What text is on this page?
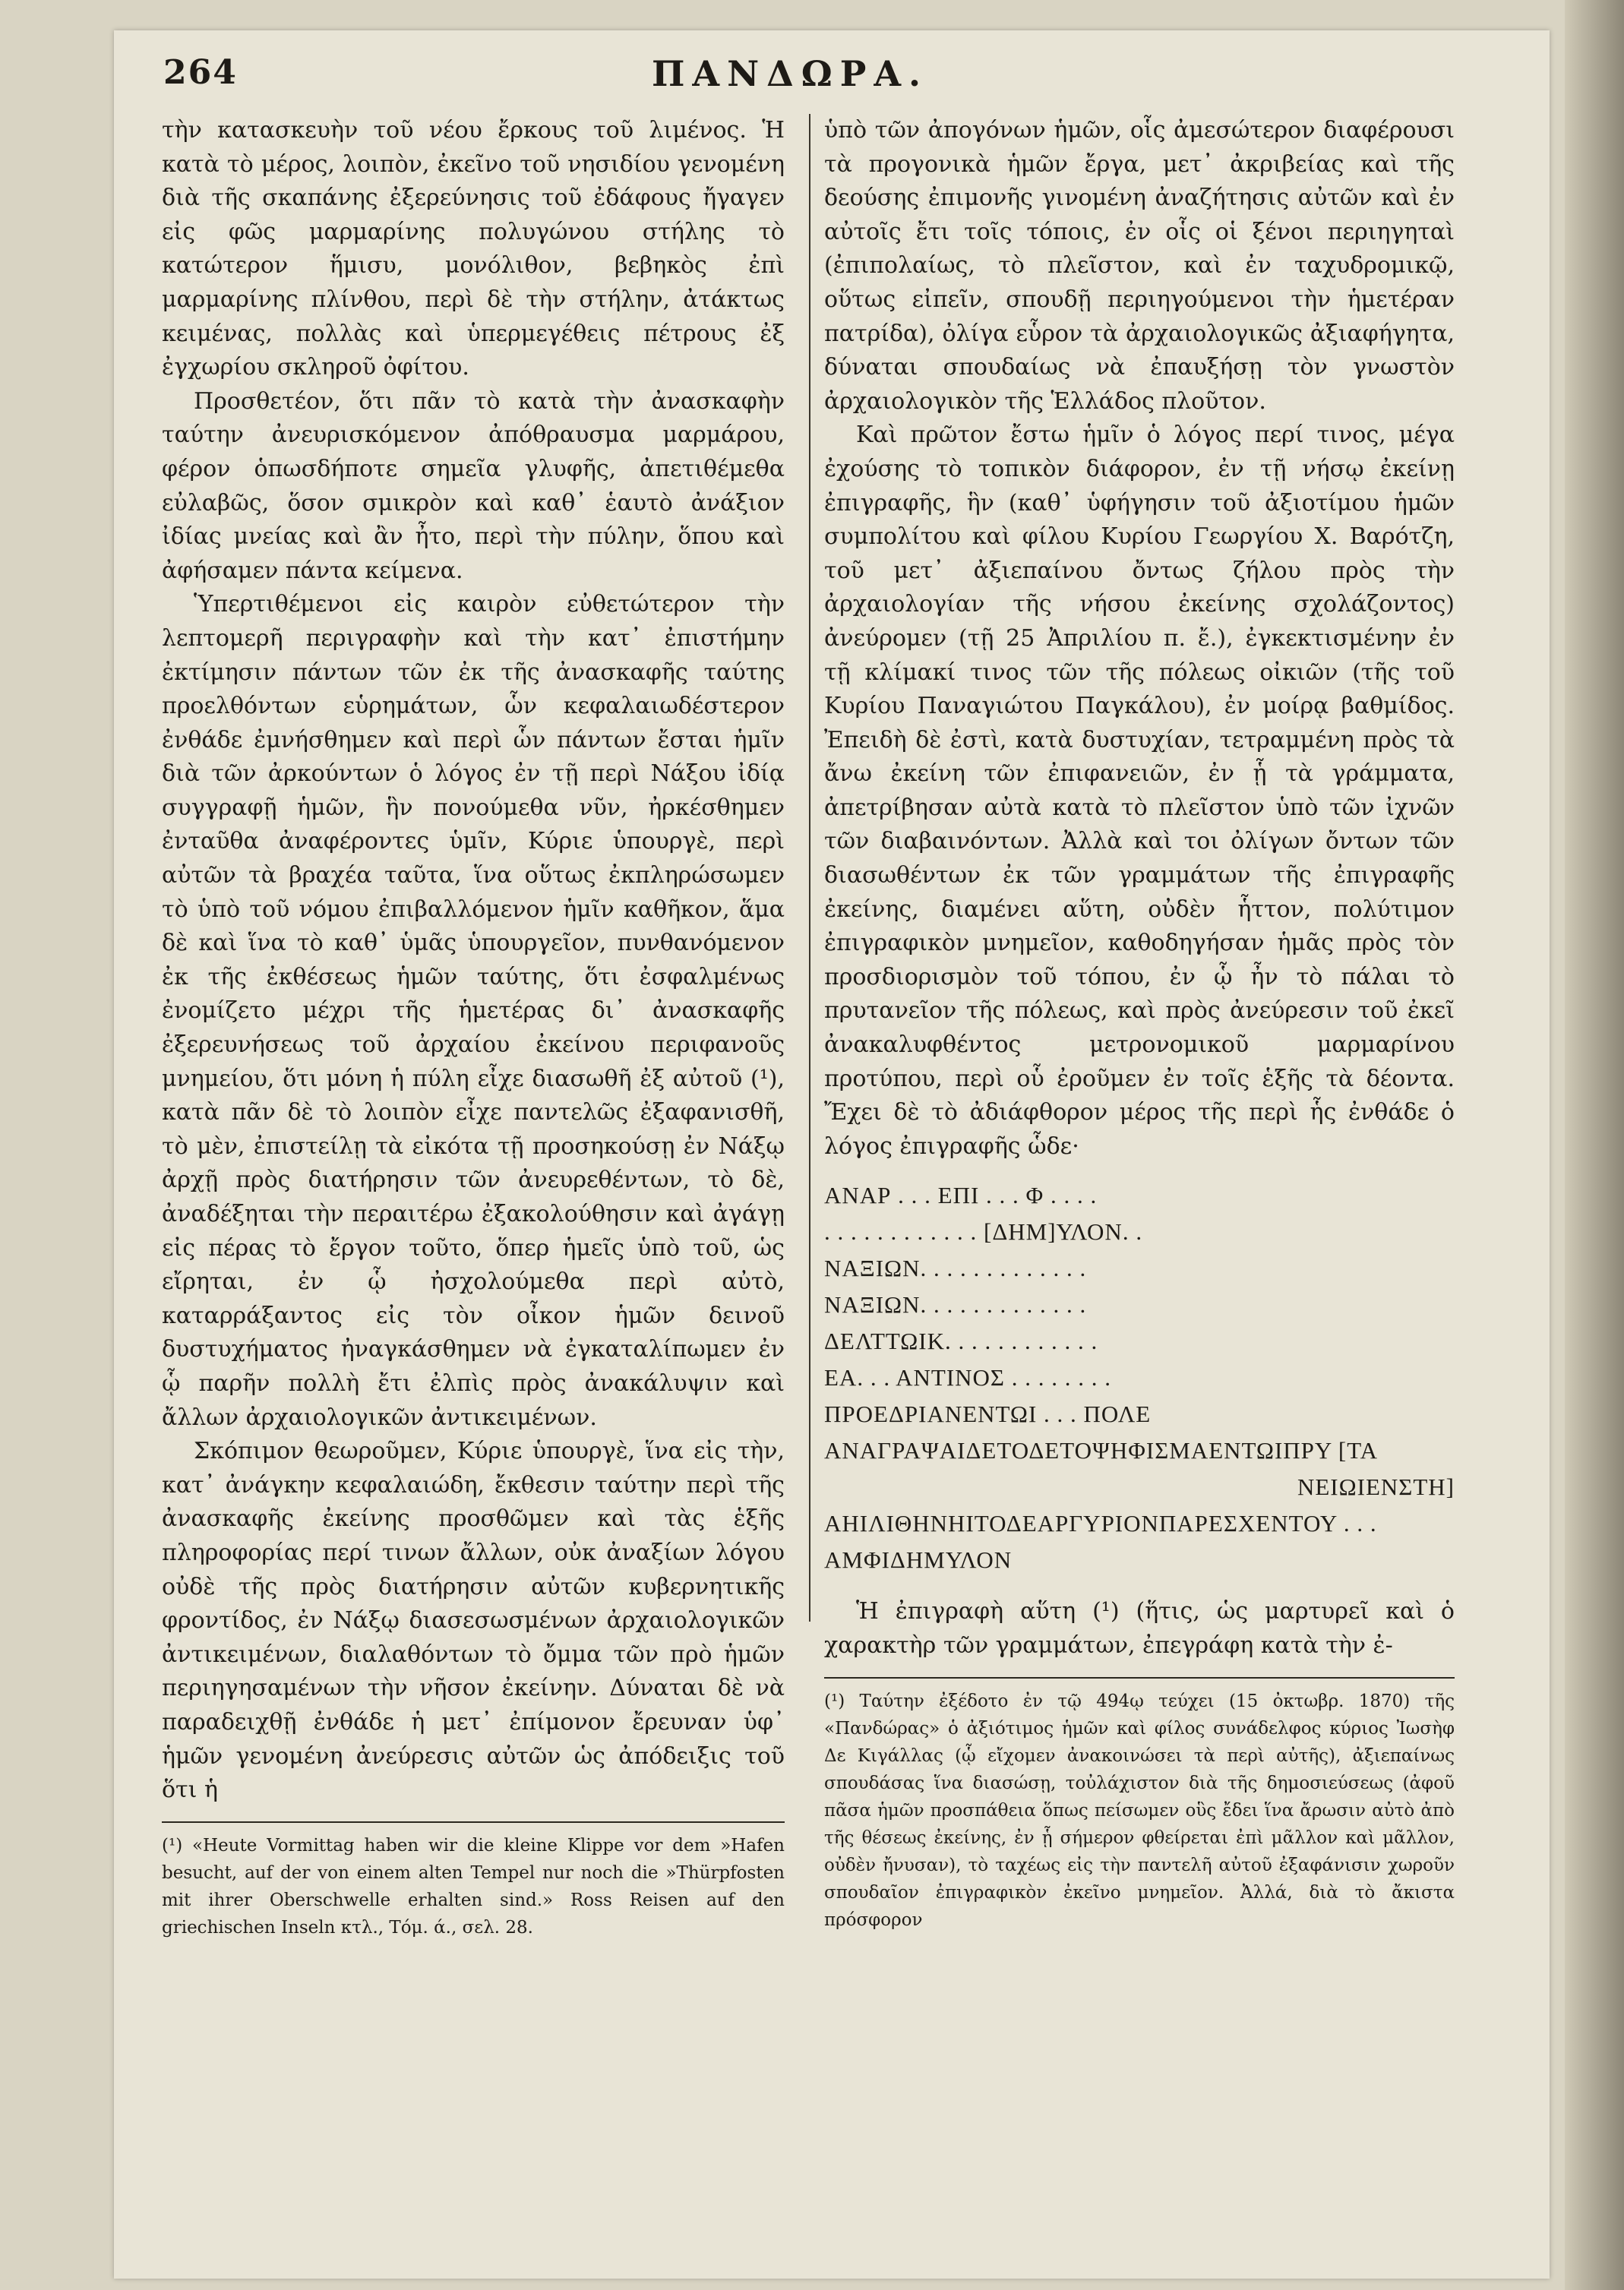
264	ΠΑΝΔΩΡΑ.

τὴν κατασκευὴν τοῦ νέου ἔρκους τοῦ λιμένος. Ἡ κατὰ τὸ μέρος, λοιπὸν, ἐκεῖνο τοῦ νησιδίου γενομένη διὰ τῆς σκαπάνης ἐξερεύνησις τοῦ ἐδάφους ἤγαγεν εἰς φῶς μαρμαρίνης πολυγώνου στήλης τὸ κατώτερον ἥμισυ, μονόλιθον, βεβηκὸς ἐπὶ μαρμαρίνης πλίνθου, περὶ δὲ τὴν στήλην, ἀτάκτως κειμένας, πολλὰς καὶ ὑπερμεγέθεις πέτρους ἐξ ἐγχωρίου σκληροῦ ὀφίτου.

Προσθετέον, ὅτι πᾶν τὸ κατὰ τὴν ἀνασκαφὴν ταύτην ἀνευρισκόμενον ἀπόθραυσμα μαρμάρου, φέρον ὁπωσδήποτε σημεῖα γλυφῆς, ἀπετιθέμεθα εὐλαβῶς, ὅσον σμικρὸν καὶ καθ᾽ ἑαυτὸ ἀνάξιον ἰδίας μνείας καὶ ἂν ἦτο, περὶ τὴν πύλην, ὅπου καὶ ἀφήσαμεν πάντα κείμενα.

Ὑπερτιθέμενοι εἰς καιρὸν εὐθετώτερον τὴν λεπτομερῆ περιγραφὴν καὶ τὴν κατ᾽ ἐπιστήμην ἐκτίμησιν πάντων τῶν ἐκ τῆς ἀνασκαφῆς ταύτης προελθόντων εὑρημάτων, ὧν κεφαλαιωδέστερον ἐνθάδε ἐμνήσθημεν καὶ περὶ ὧν πάντων ἔσται ἡμῖν διὰ τῶν ἀρκούντων ὁ λόγος ἐν τῇ περὶ Νάξου ἰδίᾳ συγγραφῇ ἡμῶν, ἣν πονούμεθα νῦν, ἠρκέσθημεν ἐνταῦθα ἀναφέροντες ὑμῖν, Κύριε ὑπουργὲ, περὶ αὐτῶν τὰ βραχέα ταῦτα, ἵνα οὕτως ἐκπληρώσωμεν τὸ ὑπὸ τοῦ νόμου ἐπιβαλλόμενον ἡμῖν καθῆκον, ἅμα δὲ καὶ ἵνα τὸ καθ᾽ ὑμᾶς ὑπουργεῖον, πυνθανόμενον ἐκ τῆς ἐκθέσεως ἡμῶν ταύτης, ὅτι ἐσφαλμένως ἐνομίζετο μέχρι τῆς ἡμετέρας δι᾽ ἀνασκαφῆς ἐξερευνήσεως τοῦ ἀρχαίου ἐκείνου περιφανοῦς μνημείου, ὅτι μόνη ἡ πύλη εἶχε διασωθῆ ἐξ αὐτοῦ (¹), κατὰ πᾶν δὲ τὸ λοιπὸν εἶχε παντελῶς ἐξαφανισθῆ, τὸ μὲν, ἐπιστείλῃ τὰ εἰκότα τῇ προσηκούσῃ ἐν Νάξῳ ἀρχῇ πρὸς διατήρησιν τῶν ἀνευρεθέντων, τὸ δὲ, ἀναδέξηται τὴν περαιτέρω ἐξακολούθησιν καὶ ἀγάγῃ εἰς πέρας τὸ ἔργον τοῦτο, ὅπερ ἡμεῖς ὑπὸ τοῦ, ὡς εἴρηται, ἐν ᾧ ἠσχολούμεθα περὶ αὐτὸ, καταρράξαντος εἰς τὸν οἶκον ἡμῶν δεινοῦ δυστυχήματος ἠναγκάσθημεν νὰ ἐγκαταλίπωμεν ἐν ᾧ παρῆν πολλὴ ἔτι ἐλπὶς πρὸς ἀνακάλυψιν καὶ ἄλλων ἀρχαιολογικῶν ἀντικειμένων.

Σκόπιμον θεωροῦμεν, Κύριε ὑπουργὲ, ἵνα εἰς τὴν, κατ᾽ ἀνάγκην κεφαλαιώδη, ἔκθεσιν ταύτην περὶ τῆς ἀνασκαφῆς ἐκείνης προσθῶμεν καὶ τὰς ἑξῆς πληροφορίας περί τινων ἄλλων, οὐκ ἀναξίων λόγου οὐδὲ τῆς πρὸς διατήρησιν αὐτῶν κυβερνητικῆς φροντίδος, ἐν Νάξῳ διασεσωσμένων ἀρχαιολογικῶν ἀντικειμένων, διαλαθόντων τὸ ὄμμα τῶν πρὸ ἡμῶν περιηγησαμένων τὴν νῆσον ἐκείνην. Δύναται δὲ νὰ παραδειχθῇ ἐνθάδε ἡ μετ᾽ ἐπίμονον ἔρευναν ὑφ᾽ ἡμῶν γενομένη ἀνεύρεσις αὐτῶν ὡς ἀπόδειξις τοῦ ὅτι ἡ

(¹) «Heute Vormittag haben wir die kleine Klippe vor dem »Hafen besucht, auf der von einem alten Tempel nur noch die »Thürpfosten mit ihrer Oberschwelle erhalten sind.» Ross Reisen auf den griechischen Inseln κτλ., Τόμ. ά., σελ. 28.

ὑπὸ τῶν ἀπογόνων ἡμῶν, οἷς ἀμεσώτερον διαφέρουσι τὰ προγονικὰ ἡμῶν ἔργα, μετ᾽ ἀκριβείας καὶ τῆς δεούσης ἐπιμονῆς γινομένη ἀναζήτησις αὐτῶν καὶ ἐν αὐτοῖς ἔτι τοῖς τόποις, ἐν οἷς οἱ ξένοι περιηγηταὶ (ἐπιπολαίως, τὸ πλεῖστον, καὶ ἐν ταχυδρομικῷ, οὕτως εἰπεῖν, σπουδῇ περιηγούμενοι τὴν ἡμετέραν πατρίδα), ὀλίγα εὗρον τὰ ἀρχαιολογικῶς ἀξιαφήγητα, δύναται σπουδαίως νὰ ἐπαυξήσῃ τὸν γνωστὸν ἀρχαιολογικὸν τῆς Ἑλλάδος πλοῦτον.

Καὶ πρῶτον ἔστω ἡμῖν ὁ λόγος περί τινος, μέγα ἐχούσης τὸ τοπικὸν διάφορον, ἐν τῇ νήσῳ ἐκείνῃ ἐπιγραφῆς, ἣν (καθ᾽ ὑφήγησιν τοῦ ἀξιοτίμου ἡμῶν συμπολίτου καὶ φίλου Κυρίου Γεωργίου Χ. Βαρότζη, τοῦ μετ᾽ ἀξιεπαίνου ὄντως ζήλου πρὸς τὴν ἀρχαιολογίαν τῆς νήσου ἐκείνης σχολάζοντος) ἀνεύρομεν (τῇ 25 Ἀπριλίου π. ἔ.), ἐγκεκτισμένην ἐν τῇ κλίμακί τινος τῶν τῆς πόλεως οἰκιῶν (τῆς τοῦ Κυρίου Παναγιώτου Παγκάλου), ἐν μοίρᾳ βαθμίδος. Ἐπειδὴ δὲ ἐστὶ, κατὰ δυστυχίαν, τετραμμένη πρὸς τὰ ἄνω ἐκείνη τῶν ἐπιφανειῶν, ἐν ᾗ τὰ γράμματα, ἀπετρίβησαν αὐτὰ κατὰ τὸ πλεῖστον ὑπὸ τῶν ἰχνῶν τῶν διαβαινόντων. Ἀλλὰ καὶ τοι ὀλίγων ὄντων τῶν διασωθέντων ἐκ τῶν γραμμάτων τῆς ἐπιγραφῆς ἐκείνης, διαμένει αὕτη, οὐδὲν ἧττον, πολύτιμον ἐπιγραφικὸν μνημεῖον, καθοδηγήσαν ἡμᾶς πρὸς τὸν προσδιορισμὸν τοῦ τόπου, ἐν ᾧ ἦν τὸ πάλαι τὸ πρυτανεῖον τῆς πόλεως, καὶ πρὸς ἀνεύρεσιν τοῦ ἐκεῖ ἀνακαλυφθέντος μετρονομικοῦ μαρμαρίνου προτύπου, περὶ οὗ ἐροῦμεν ἐν τοῖς ἑξῆς τὰ δέοντα. Ἔχει δὲ τὸ ἀδιάφθορον μέρος τῆς περὶ ἧς ἐνθάδε ὁ λόγος ἐπιγραφῆς ὧδε·

ΑΝΑΡ . . . ΕΠΙ . . . Φ . . . .
. . . . . . . . . . . . [ΔΗΜ]ΥΛΟΝ. .
ΝΑΞΙΩΝ. . . . . . . . . . . . .
ΝΑΞΙΩΝ. . . . . . . . . . . . .
ΔΕΛΤΤΩΙΚ. . . . . . . . . . . .
ΕΑ. . . ΑΝΤΙΝΟΣ . . . . . . . .
ΠΡΟΕΔΡΙΑΝΕΝΤΩΙ . . . ΠΟΛΕ
ΑΝΑΓΡΑΨΑΙΔΕΤΟΔΕΤΟΨΗΦΙΣΜΑΕΝΤΩΙΠΡΥ [ΤΑ
ΝΕΙΩΙΕΝΣΤΗ]
ΑΗΙΛΙΘΗΝΗΙΤΟΔΕΑΡΓΥΡΙΟΝΠΑΡΕΣΧΕΝΤΟΥ . . .
ΑΜΦΙΔΗΜΥΛΟΝ

Ἡ ἐπιγραφὴ αὕτη (¹) (ἥτις, ὡς μαρτυρεῖ καὶ ὁ χαρακτὴρ τῶν γραμμάτων, ἐπεγράφη κατὰ τὴν ἐ-

(¹) Ταύτην ἐξέδοτο ἐν τῷ 494ῳ τεύχει (15 ὀκτωβρ. 1870) τῆς «Πανδώρας» ὁ ἀξιότιμος ἡμῶν καὶ φίλος συνάδελφος κύριος Ἰωσὴφ Δε Κιγάλλας (ᾧ εἴχομεν ἀνακοινώσει τὰ περὶ αὐτῆς), ἀξιεπαίνως σπουδάσας ἵνα διασώσῃ, τοὐλάχιστον διὰ τῆς δημοσιεύσεως (ἀφοῦ πᾶσα ἡμῶν προσπάθεια ὅπως πείσωμεν οὓς ἔδει ἵνα ἄρωσιν αὐτὸ ἀπὸ τῆς θέσεως ἐκείνης, ἐν ᾗ σήμερον φθείρεται ἐπὶ μᾶλλον καὶ μᾶλλον, οὐδὲν ἤνυσαν), τὸ ταχέως εἰς τὴν παντελῆ αὐτοῦ ἐξαφάνισιν χωροῦν σπουδαῖον ἐπιγραφικὸν ἐκεῖνο μνημεῖον. Ἀλλά, διὰ τὸ ἄκιστα πρόσφορον
